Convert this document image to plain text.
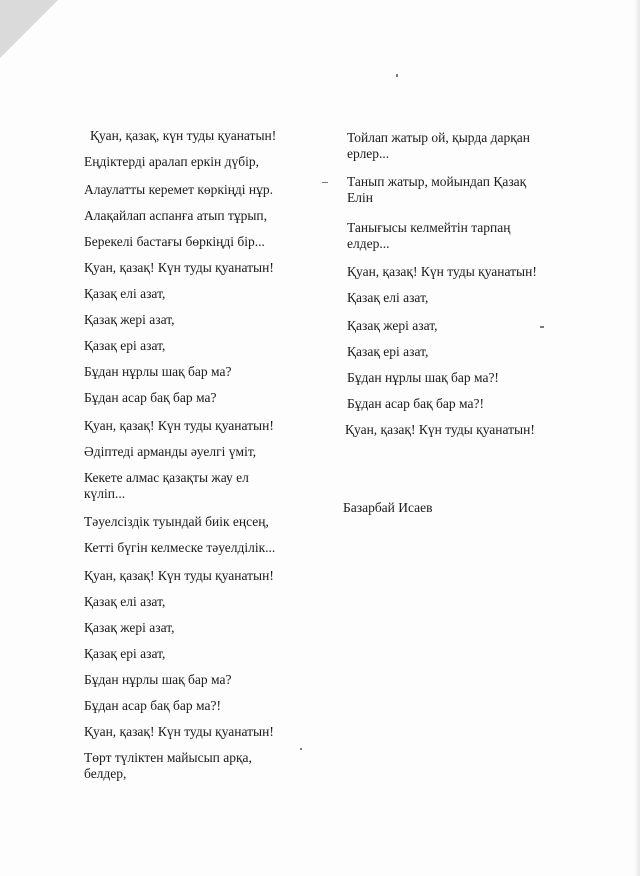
Қуан, қазақ, күн туды қуанатын!

Еңдіктерді аралап еркін дүбір,

Алаулатты керемет көркіңді нұр.

Алақайлап аспанға атып тұрып,

Берекелі бастағы бөркіңді бір...

Қуан, қазақ! Күн туды қуанатын!

Қазақ елі азат,

Қазақ жері азат,

Қазақ ері азат,

Бұдан нұрлы шақ бар ма?

Бұдан асар бақ бар ма?

Қуан, қазақ! Күн туды қуанатын!

Әдіптеді арманды әуелгі үміт,

Кекете алмас қазақты жау ел күліп...

Тәуелсіздік туындай биік еңсең,

Кетті бүгін келмеске тәуелділік...

Қуан, қазақ! Күн туды қуанатын!

Қазақ елі азат,

Қазақ жері азат,

Қазақ ері азат,

Бұдан нұрлы шақ бар ма?

Бұдан асар бақ бар ма?!

Қуан, қазақ! Күн туды қуанатын!

Төрт түліктен майысып арқа, белдер,

Тойлап жатыр ой, қырда дарқан ерлер...

Танып жатыр, мойындап Қазақ Елін

Танығысы келмейтін тарпаң елдер...

Қуан, қазақ! Күн туды қуанатын!

Қазақ елі азат,

Қазақ жері азат,

Қазақ ері азат,

Бұдан нұрлы шақ бар ма?!

Бұдан асар бақ бар ма?!

Қуан, қазақ! Күн туды қуанатын!

Базарбай Исаев
